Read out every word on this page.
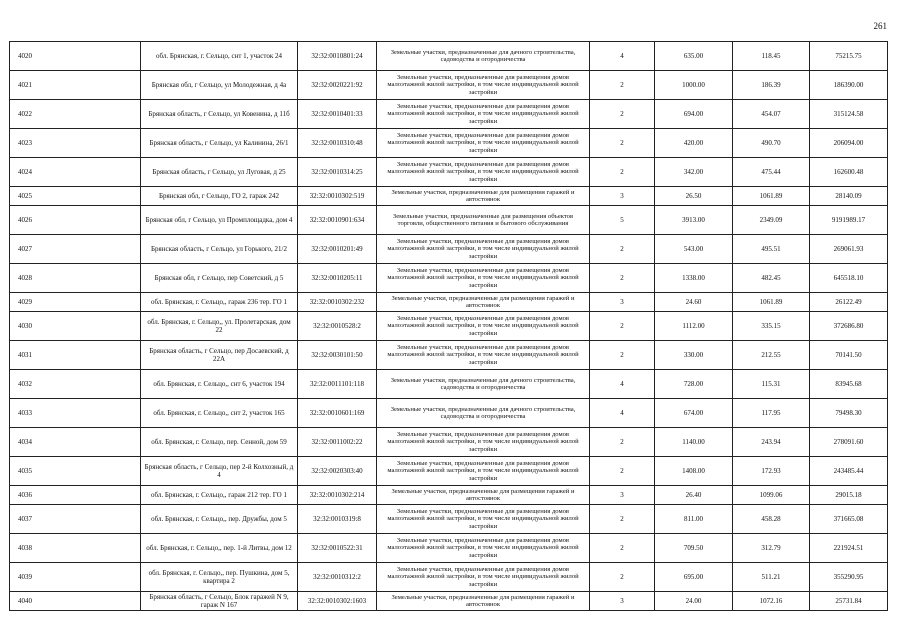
261
4020	обл. Брянская, г. Сельцо, снт 1, участок 24	32:32:0010801:24	Земельные участки, предназначенные для дачного строительства, садоводства и огородничества	4	635.00	118.45	75215.75
4021	Брянская обл, г Сельцо, ул Молодежная, д 4а	32:32:0020221:92	Земельные участки, предназначенные для размещения домов малоэтажной жилой застройки, в том числе индивидуальной жилой застройки	2	1000.00	186.39	186390.00
4022	Брянская область, г Сельцо, ул Ковенина, д 11б	32:32:0010401:33	Земельные участки, предназначенные для размещения домов малоэтажной жилой застройки, в том числе индивидуальной жилой застройки	2	694.00	454.07	315124.58
4023	Брянская область, г Сельцо, ул Калинина, 26/1	32:32:0010310:48	Земельные участки, предназначенные для размещения домов малоэтажной жилой застройки, в том числе индивидуальной жилой застройки	2	420.00	490.70	206094.00
4024	Брянская область, г Сельцо, ул Луговая, д 25	32:32:0010314:25	Земельные участки, предназначенные для размещения домов малоэтажной жилой застройки, в том числе индивидуальной жилой застройки	2	342.00	475.44	162600.48
4025	Брянская обл, г Сельцо, ГО 2, гараж 242	32:32:0010302:519	Земельные участки, предназначенные для размещения гаражей и автостоянок	3	26.50	1061.89	28140.09
4026	Брянская обл, г Сельцо, ул Промплощадка, дом 4	32:32:0010901:634	Земельные участки, предназначенные для размещения объектов торговли, общественного питания и бытового обслуживания	5	3913.00	2349.09	9191989.17
4027	Брянская область, г Сельцо, ул Горького, 21/2	32:32:0010201:49	Земельные участки, предназначенные для размещения домов малоэтажной жилой застройки, в том числе индивидуальной жилой застройки	2	543.00	495.51	269061.93
4028	Брянская обл, г Сельцо, пер Советский, д 5	32:32:0010205:11	Земельные участки, предназначенные для размещения домов малоэтажной жилой застройки, в том числе индивидуальной жилой застройки	2	1338.00	482.45	645518.10
4029	обл. Брянская, г. Сельцо,, гараж 236 тер. ГО 1	32:32:0010302:232	Земельные участки, предназначенные для размещения гаражей и автостоянок	3	24.60	1061.89	26122.49
4030	обл. Брянская, г. Сельцо,, ул. Пролетарская, дом 22	32:32:0010528:2	Земельные участки, предназначенные для размещения домов малоэтажной жилой застройки, в том числе индивидуальной жилой застройки	2	1112.00	335.15	372686.80
4031	Брянская область, г Сельцо, пер Досаевский, д 22А	32:32:0030101:50	Земельные участки, предназначенные для размещения домов малоэтажной жилой застройки, в том числе индивидуальной жилой застройки	2	330.00	212.55	70141.50
4032	обл. Брянская, г. Сельцо,, снт 6, участок 194	32:32:0011101:118	Земельные участки, предназначенные для дачного строительства, садоводства и огородничества	4	728.00	115.31	83945.68
4033	обл. Брянская, г. Сельцо,, снт 2, участок 165	32:32:0010601:169	Земельные участки, предназначенные для дачного строительства, садоводства и огородничества	4	674.00	117.95	79498.30
4034	обл. Брянская, г. Сельцо, пер. Сенной, дом 59	32:32:0011002:22	Земельные участки, предназначенные для размещения домов малоэтажной жилой застройки, в том числе индивидуальной жилой застройки	2	1140.00	243.94	278091.60
4035	Брянская область, г Сельцо, пер 2-й Колхозный, д 4	32:32:0020303:40	Земельные участки, предназначенные для размещения домов малоэтажной жилой застройки, в том числе индивидуальной жилой застройки	2	1408.00	172.93	243485.44
4036	обл. Брянская, г. Сельцо,, гараж 212 тер. ГО 1	32:32:0010302:214	Земельные участки, предназначенные для размещения гаражей и автостоянок	3	26.40	1099.06	29015.18
4037	обл. Брянская, г. Сельцо,, пер. Дружбы, дом 5	32:32:0010319:8	Земельные участки, предназначенные для размещения домов малоэтажной жилой застройки, в том числе индивидуальной жилой застройки	2	811.00	458.28	371665.08
4038	обл. Брянская, г. Сельцо,, пер. 1-й Литвы, дом 12	32:32:0010522:31	Земельные участки, предназначенные для размещения домов малоэтажной жилой застройки, в том числе индивидуальной жилой застройки	2	709.50	312.79	221924.51
4039	обл. Брянская, г. Сельцо,, пер. Пушкина, дом 5, квартира 2	32:32:0010312:2	Земельные участки, предназначенные для размещения домов малоэтажной жилой застройки, в том числе индивидуальной жилой застройки	2	695.00	511.21	355290.95
4040	Брянская область, г Сельцо, Блок гаражей N 9, гараж N 167	32:32:0010302:1603	Земельные участки, предназначенные для размещения гаражей и автостоянок	3	24.00	1072.16	25731.84
